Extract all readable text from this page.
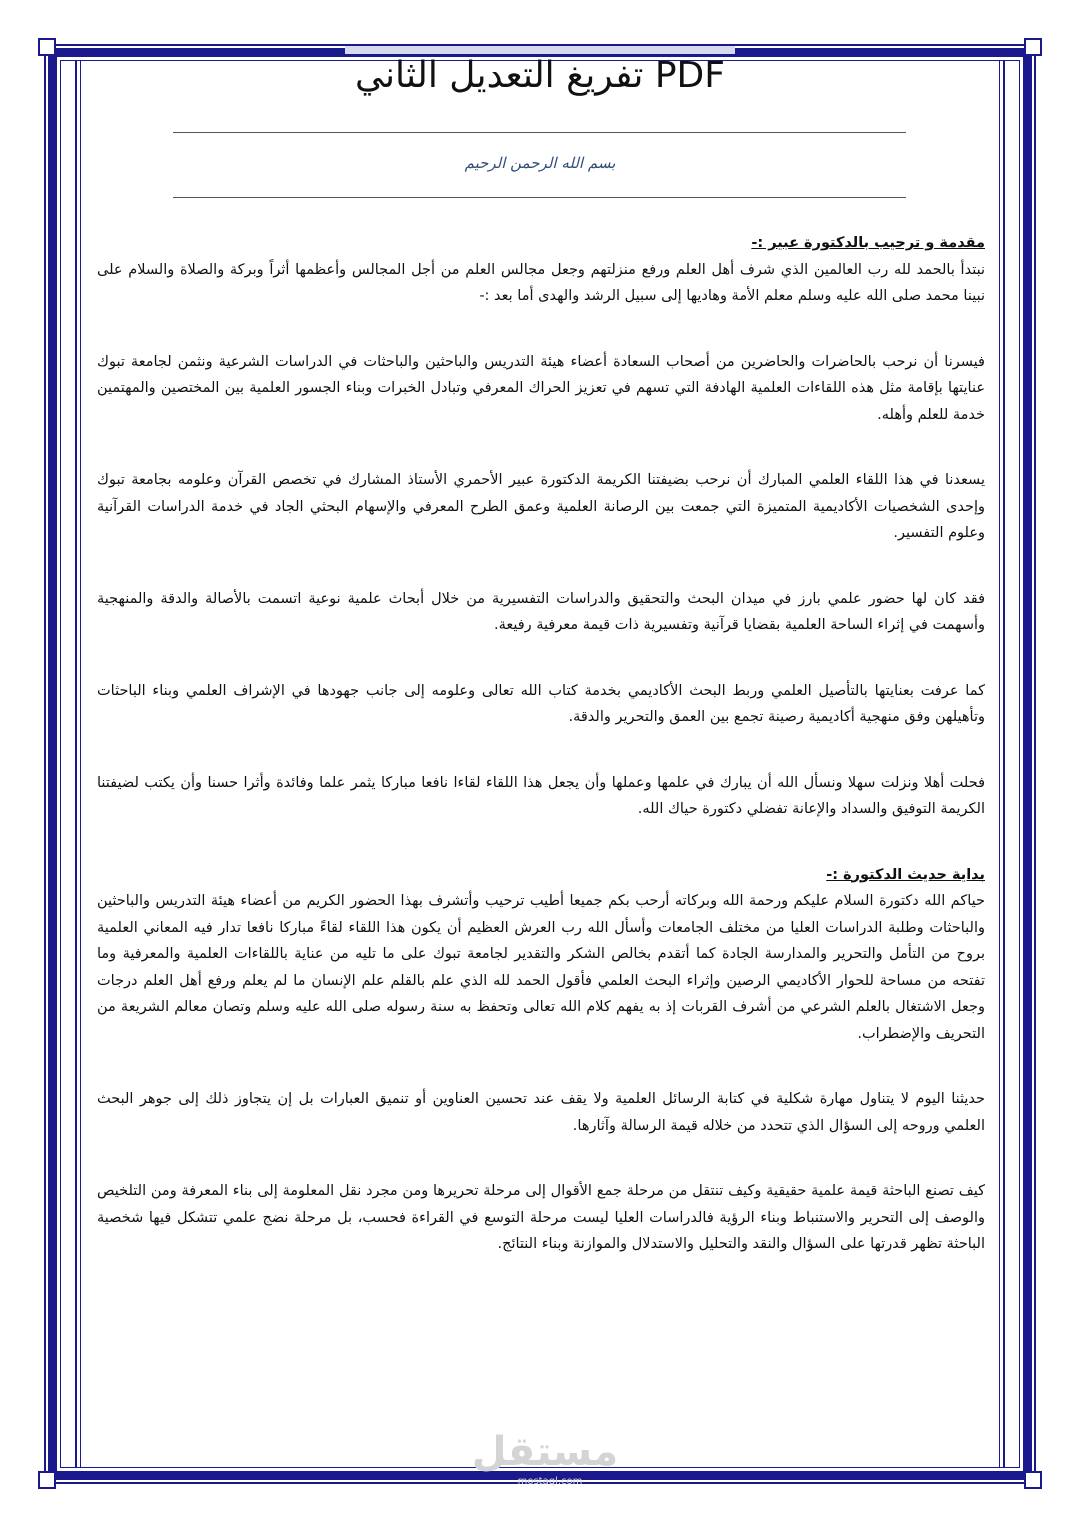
تفريغ التعديل الثاني PDF
بسم الله الرحمن الرحيم

مقدمة و ترحيب بالدكتورة عبير :-

نبتدأ بالحمد لله رب العالمين الذي شرف أهل العلم ورفع منزلتهم وجعل مجالس العلم من أجل المجالس وأعظمها أثراً وبركة والصلاة والسلام على نبينا محمد صلى الله عليه وسلم معلم الأمة وهاديها إلى سبيل الرشد والهدى أما بعد :-

فيسرنا أن نرحب بالحاضرات والحاضرين من أصحاب السعادة أعضاء هيئة التدريس والباحثين والباحثات في الدراسات الشرعية ونثمن لجامعة تبوك عنايتها بإقامة مثل هذه اللقاءات العلمية الهادفة التي تسهم في تعزيز الحراك المعرفي وتبادل الخبرات وبناء الجسور العلمية بين المختصين والمهتمين خدمة للعلم وأهله.

يسعدنا في هذا اللقاء العلمي المبارك أن نرحب بضيفتنا الكريمة الدكتورة عبير الأحمري الأستاذ المشارك في تخصص القرآن وعلومه بجامعة تبوك وإحدى الشخصيات الأكاديمية المتميزة التي جمعت بين الرصانة العلمية وعمق الطرح المعرفي والإسهام البحثي الجاد في خدمة الدراسات القرآنية وعلوم التفسير.

فقد كان لها حضور علمي بارز في ميدان البحث والتحقيق والدراسات التفسيرية من خلال أبحاث علمية نوعية اتسمت بالأصالة والدقة والمنهجية وأسهمت في إثراء الساحة العلمية بقضايا قرآنية وتفسيرية ذات قيمة معرفية رفيعة.

كما عرفت بعنايتها بالتأصيل العلمي وربط البحث الأكاديمي بخدمة كتاب الله تعالى وعلومه إلى جانب جهودها في الإشراف العلمي وبناء الباحثات وتأهيلهن وفق منهجية أكاديمية رصينة تجمع بين العمق والتحرير والدقة.

فحلت أهلا ونزلت سهلا ونسأل الله أن يبارك في علمها وعملها وأن يجعل هذا اللقاء لقاءا نافعا مباركا يثمر علما وفائدة وأثرا حسنا وأن يكتب لضيفتنا الكريمة التوفيق والسداد والإعانة تفضلي دكتورة حياك الله.

بداية حديث الدكتورة :-

حياكم الله دكتورة السلام عليكم ورحمة الله وبركاته أرحب بكم جميعا أطيب ترحيب وأتشرف بهذا الحضور الكريم من أعضاء هيئة التدريس والباحثين والباحثات وطلبة الدراسات العليا من مختلف الجامعات وأسأل الله رب العرش العظيم أن يكون هذا اللقاء لقاءً مباركا نافعا تدار فيه المعاني العلمية بروح من التأمل والتحرير والمدارسة الجادة كما أتقدم بخالص الشكر والتقدير لجامعة تبوك على ما تليه من عناية باللقاءات العلمية والمعرفية وما تفتحه من مساحة للحوار الأكاديمي الرصين وإثراء البحث العلمي فأقول الحمد لله الذي علم بالقلم علم الإنسان ما لم يعلم ورفع أهل العلم درجات وجعل الاشتغال بالعلم الشرعي من أشرف القربات إذ به يفهم كلام الله تعالى وتحفظ به سنة رسوله صلى الله عليه وسلم وتصان معالم الشريعة من التحريف والإضطراب.

حديثنا اليوم لا يتناول مهارة شكلية في كتابة الرسائل العلمية ولا يقف عند تحسين العناوين أو تنميق العبارات بل إن يتجاوز ذلك إلى جوهر البحث العلمي وروحه إلى السؤال الذي تتحدد من خلاله قيمة الرسالة وآثارها.

كيف تصنع الباحثة قيمة علمية حقيقية وكيف تنتقل من مرحلة جمع الأقوال إلى مرحلة تحريرها ومن مجرد نقل المعلومة إلى بناء المعرفة ومن التلخيص والوصف إلى التحرير والاستنباط وبناء الرؤية فالدراسات العليا ليست مرحلة التوسع في القراءة فحسب، بل مرحلة نضج علمي تتشكل فيها شخصية الباحثة تظهر قدرتها على السؤال والنقد والتحليل والاستدلال والموازنة وبناء النتائج.

مستقل
mostaql.com
